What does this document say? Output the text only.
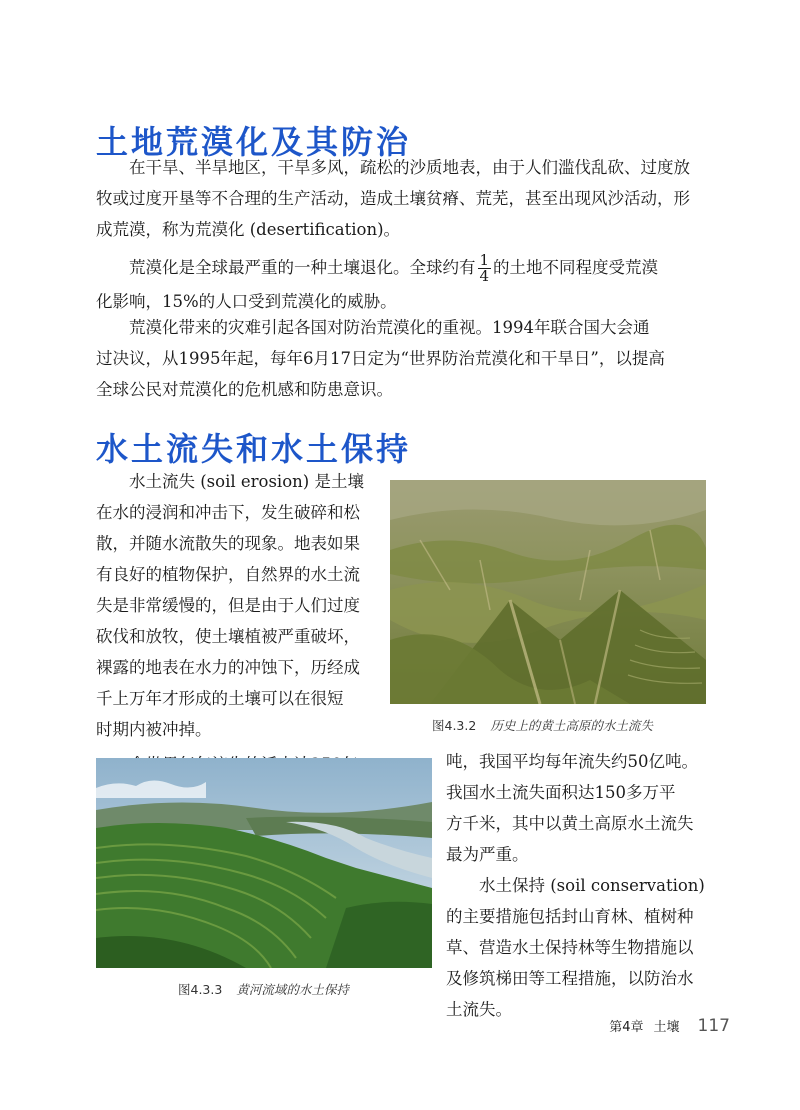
土地荒漠化及其防治
在干旱、半旱地区，干旱多风，疏松的沙质地表，由于人们滥伐乱砍、过度放
牧或过度开垦等不合理的生产活动，造成土壤贫瘠、荒芜，甚至出现风沙活动，形
成荒漠，称为荒漠化 (desertification)。
荒漠化是全球最严重的一种土壤退化。全球约有 $\frac{1}{4}$ 的土地不同程度受荒漠
化影响，15%的人口受到荒漠化的威胁。
荒漠化带来的灾难引起各国对防治荒漠化的重视。1994年联合国大会通
过决议，从1995年起，每年6月17日定为“世界防治荒漠化和干旱日”，以提高
全球公民对荒漠化的危机感和防患意识。
水土流失和水土保持
水土流失 (soil erosion) 是土壤
在水的浸润和冲击下，发生破碎和松
散，并随水流散失的现象。地表如果
有良好的植物保护，自然界的水土流
失是非常缓慢的，但是由于人们过度
砍伐和放牧，使土壤植被严重破坏，
裸露的地表在水力的冲蚀下，历经成
千上万年才形成的土壤可以在很短
时期内被冲掉。	图4.3.2 历史上的黄土高原的水土流失
图4.3.3 黄河流域的水土保持
吨，我国平均每年流失约50亿吨。
我国水土流失面积达150多万平
方千米，其中以黄土高原水土流失
最为严重。
水土保持 (soil conservation)
的主要措施包括封山育林、植树种
草、营造水土保持林等生物措施以
及修筑梯田等工程措施，以防治水
土流失。
第4章 土壤 117
